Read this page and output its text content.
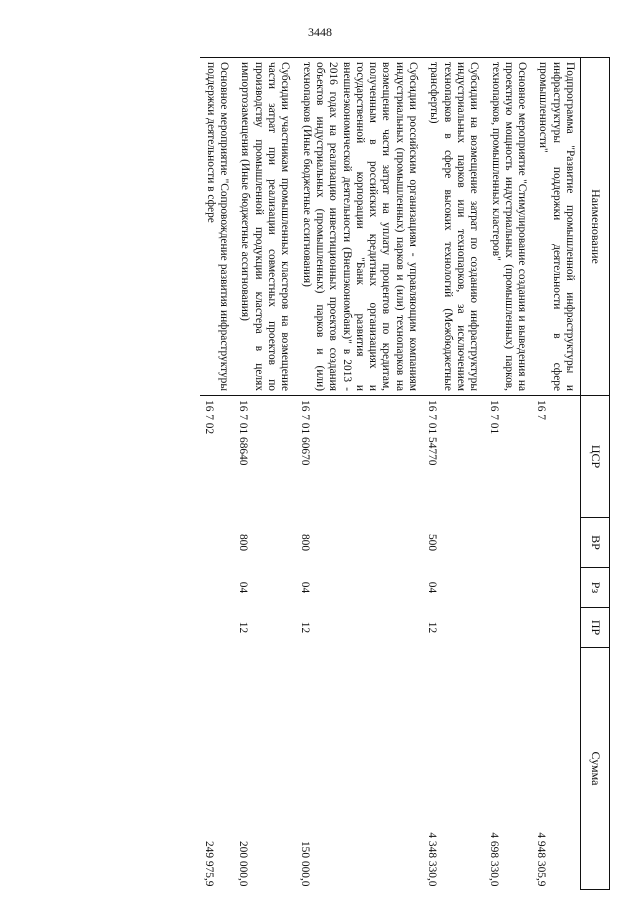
3448
Наименование	ЦСР	ВР	Рз	ПР	Сумма
Подпрограмма "Развитие промышленной инфраструктуры и инфраструктуры поддержки деятельности в сфере промышленности"	16 7				4 948 305,9
Основное мероприятие "Стимулирование создания и выведения на проектную мощность индустриальных (промышленных) парков, технопарков, промышленных кластеров"	16 7 01				4 698 330,0
Субсидии на возмещение затрат по созданию инфраструктуры индустриальных парков или технопарков, за исключением технопарков в сфере высоких технологий (Межбюджетные трансферты)	16 7 01 54770	500	04	12	4 348 330,0
Субсидии российским организациям - управляющим компаниям индустриальных (промышленных) парков и (или) технопарков на возмещение части затрат на уплату процентов по кредитам, полученным в российских кредитных организациях и государственной корпорации "Банк развития и внешнеэкономической деятельности (Внешэкономбанк)" в 2013 - 2016 годах на реализацию инвестиционных проектов создания объектов индустриальных (промышленных) парков и (или) технопарков (Иные бюджетные ассигнования)	16 7 01 60670	800	04	12	150 000,0
Субсидии участникам промышленных кластеров на возмещение части затрат при реализации совместных проектов по производству промышленной продукции кластера в целях импортозамещения (Иные бюджетные ассигнования)	16 7 01 68640	800	04	12	200 000,0
Основное мероприятие "Сопровождение развития инфраструктуры поддержки деятельности в сфере	16 7 02				249 975,9
